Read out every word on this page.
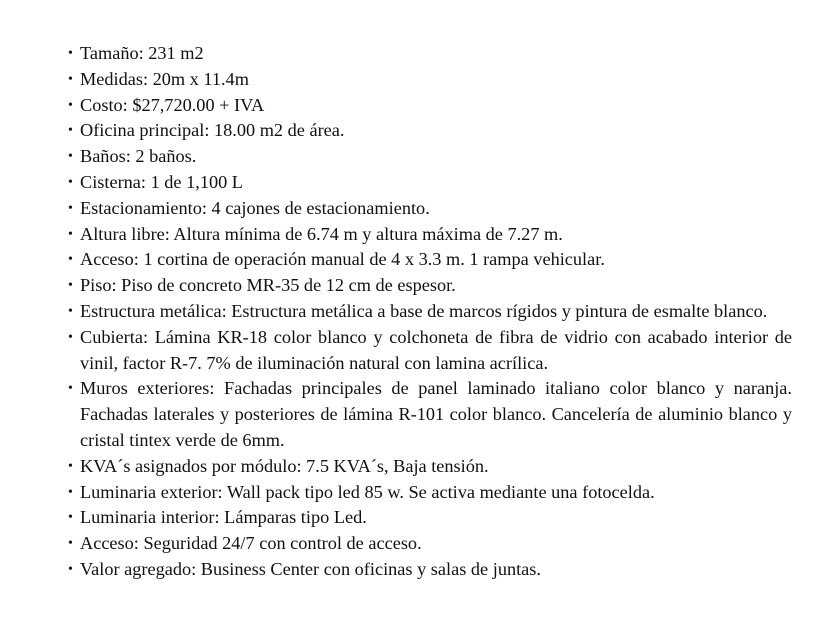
• Tamaño: 231 m2
• Medidas: 20m x 11.4m
• Costo: $27,720.00 + IVA
• Oficina principal: 18.00 m2 de área.
• Baños: 2 baños.
• Cisterna: 1 de 1,100 L
• Estacionamiento: 4 cajones de estacionamiento.
• Altura libre: Altura mínima de 6.74 m y altura máxima de 7.27 m.
• Acceso: 1 cortina de operación manual de 4 x 3.3 m. 1 rampa vehicular.
• Piso: Piso de concreto MR-35 de 12 cm de espesor.
• Estructura metálica: Estructura metálica a base de marcos rígidos y pintura de esmalte blanco.
• Cubierta: Lámina KR-18 color blanco y colchoneta de fibra de vidrio con acabado interior de vinil, factor R-7. 7% de iluminación natural con lamina acrílica.
• Muros exteriores: Fachadas principales de panel laminado italiano color blanco y naranja. Fachadas laterales y posteriores de lámina R-101 color blanco. Cancelería de aluminio blanco y cristal tintex verde de 6mm.
• KVA´s asignados por módulo: 7.5 KVA´s, Baja tensión.
• Luminaria exterior: Wall pack tipo led 85 w. Se activa mediante una fotocelda.
• Luminaria interior: Lámparas tipo Led.
• Acceso: Seguridad 24/7 con control de acceso.
• Valor agregado: Business Center con oficinas y salas de juntas.
